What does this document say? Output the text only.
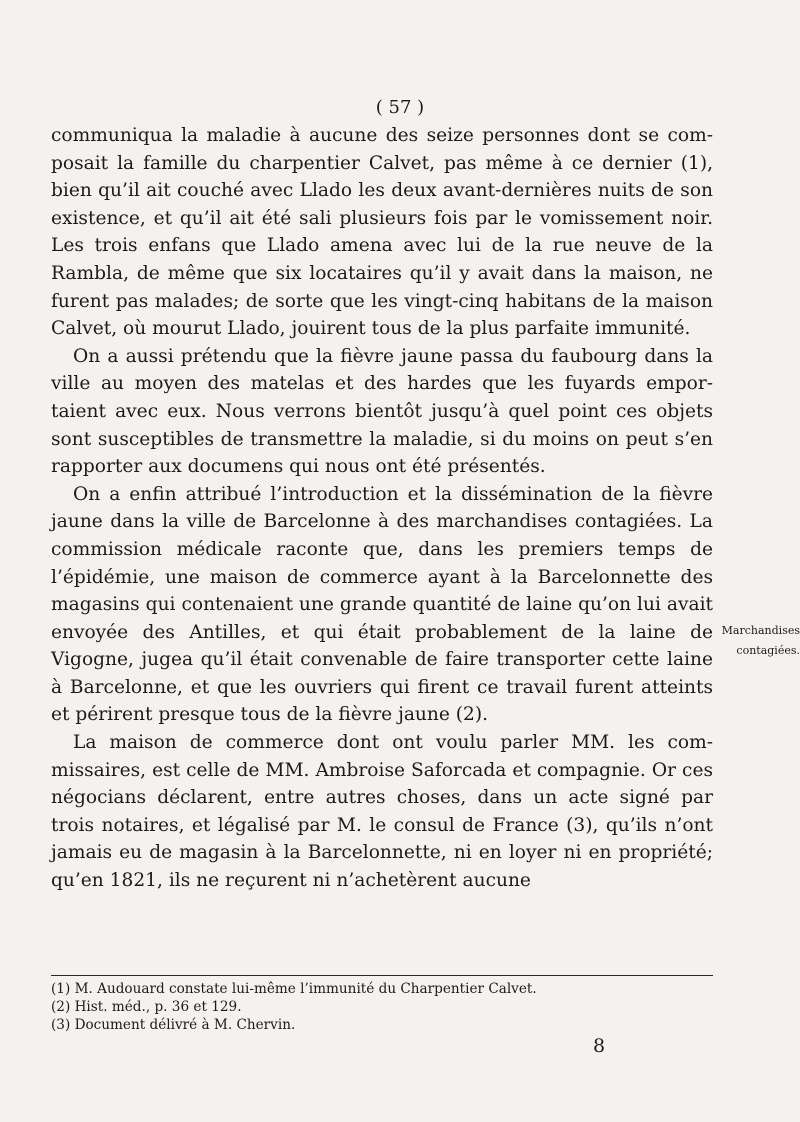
( 57 )

communiqua la maladie à aucune des seize personnes dont se com-posait la famille du charpentier Calvet, pas même à ce dernier (1), bien qu’il ait couché avec Llado les deux avant-dernières nuits de son existence, et qu’il ait été sali plusieurs fois par le vomissement noir. Les trois enfans que Llado amena avec lui de la rue neuve de la Rambla, de même que six locataires qu’il y avait dans la maison, ne furent pas malades; de sorte que les vingt-cinq habitans de la maison Calvet, où mourut Llado, jouirent tous de la plus parfaite immunité.

On a aussi prétendu que la fièvre jaune passa du faubourg dans la ville au moyen des matelas et des hardes que les fuyards empor-taient avec eux. Nous verrons bientôt jusqu’à quel point ces objets sont susceptibles de transmettre la maladie, si du moins on peut s’en rapporter aux documens qui nous ont été présentés.

On a enfin attribué l’introduction et la dissémination de la fièvre jaune dans la ville de Barcelonne à des marchandises contagiées. La commission médicale raconte que, dans les premiers temps de l’épidémie, une maison de commerce ayant à la Barcelonnette des magasins qui contenaient une grande quantité de laine qu’on lui avait envoyée des Antilles, et qui était probablement de la laine de Vigogne, jugea qu’il était convenable de faire transporter cette laine à Barcelonne, et que les ouvriers qui firent ce travail furent atteints et périrent presque tous de la fièvre jaune (2).

La maison de commerce dont ont voulu parler MM. les com-missaires, est celle de MM. Ambroise Saforcada et compagnie. Or ces négocians déclarent, entre autres choses, dans un acte signé par trois notaires, et légalisé par M. le consul de France (3), qu’ils n’ont jamais eu de magasin à la Barcelonnette, ni en loyer ni en propriété; qu’en 1821, ils ne reçurent ni n’achetèrent aucune

Marchandises contagiées.
(1) M. Audouard constate lui-même l’immunité du Charpentier Calvet.
(2) Hist. méd., p. 36 et 129.
(3) Document délivré à M. Chervin.
8
